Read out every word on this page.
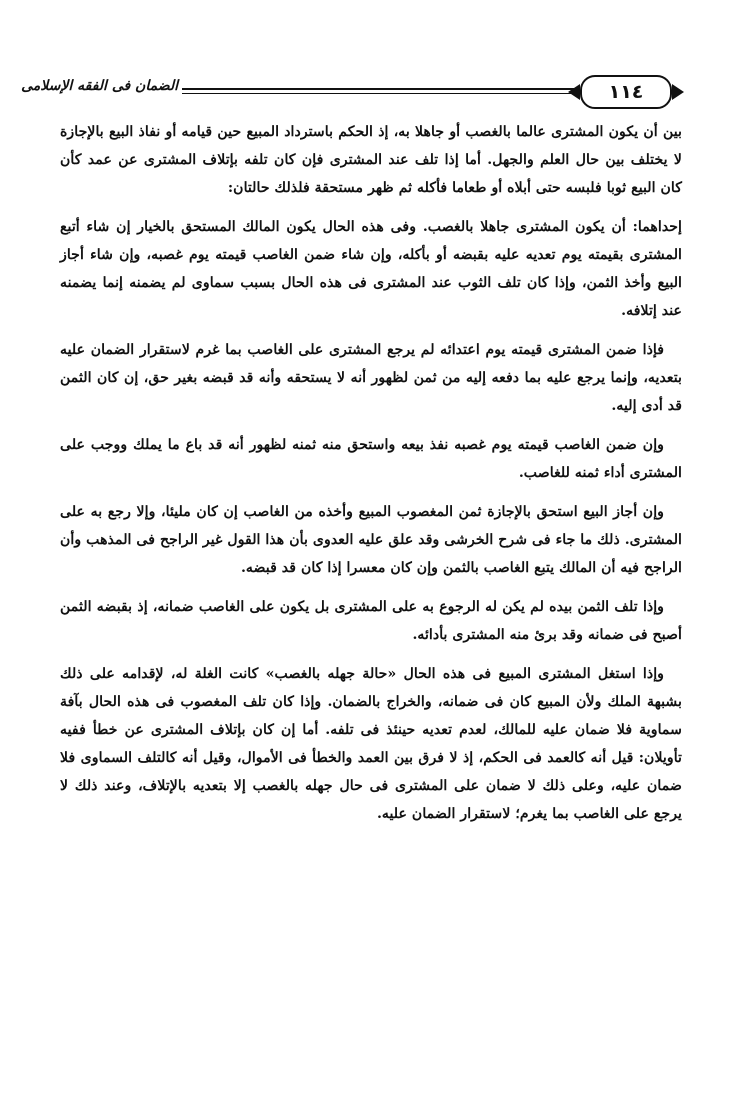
الضمان فى الفقه الإسلامى	١١٤

بين أن يكون المشترى عالما بالغصب أو جاهلا به، إذ الحكم باسترداد المبيع حين قيامه أو نفاذ البيع بالإجازة لا يختلف بين حال العلم والجهل. أما إذا تلف عند المشترى فإن كان تلفه بإتلاف المشترى عن عمد كأن كان البيع ثوبا فلبسه حتى أبلاه أو طعاما فأكله ثم ظهر مستحقة فلذلك حالتان:

إحداهما: أن يكون المشترى جاهلا بالغصب. وفى هذه الحال يكون المالك المستحق بالخيار إن شاء أتبع المشترى بقيمته يوم تعديه عليه بقبضه أو بأكله، وإن شاء ضمن الغاصب قيمته يوم غصبه، وإن شاء أجاز البيع وأخذ الثمن، وإذا كان تلف الثوب عند المشترى فى هذه الحال بسبب سماوى لم يضمنه إنما يضمنه عند إتلافه.

فإذا ضمن المشترى قيمته يوم اعتدائه لم يرجع المشترى على الغاصب بما غرم لاستقرار الضمان عليه بتعديه، وإنما يرجع عليه بما دفعه إليه من ثمن لظهور أنه لا يستحقه وأنه قد قبضه بغير حق، إن كان الثمن قد أدى إليه.

وإن ضمن الغاصب قيمته يوم غصبه نفذ بيعه واستحق منه ثمنه لظهور أنه قد باع ما يملك ووجب على المشترى أداء ثمنه للغاصب.

وإن أجاز البيع استحق بالإجازة ثمن المغصوب المبيع وأخذه من الغاصب إن كان مليئا، وإلا رجع به على المشترى. ذلك ما جاء فى شرح الخرشى وقد علق عليه العدوى بأن هذا القول غير الراجح فى المذهب وأن الراجح فيه أن المالك يتبع الغاصب بالثمن وإن كان معسرا إذا كان قد قبضه.

وإذا تلف الثمن بيده لم يكن له الرجوع به على المشترى بل يكون على الغاصب ضمانه، إذ بقبضه الثمن أصبح فى ضمانه وقد برئ منه المشترى بأدائه.

وإذا استغل المشترى المبيع فى هذه الحال «حالة جهله بالغصب» كانت الغلة له، لإقدامه على ذلك بشبهة الملك ولأن المبيع كان فى ضمانه، والخراج بالضمان. وإذا كان تلف المغصوب فى هذه الحال بآفة سماوية فلا ضمان عليه للمالك، لعدم تعديه حينئذ فى تلفه. أما إن كان بإتلاف المشترى عن خطأ ففيه تأويلان: قيل أنه كالعمد فى الحكم، إذ لا فرق بين العمد والخطأ فى الأموال، وقيل أنه كالتلف السماوى فلا ضمان عليه، وعلى ذلك لا ضمان على المشترى فى حال جهله بالغصب إلا بتعديه بالإتلاف، وعند ذلك لا يرجع على الغاصب بما يغرم؛ لاستقرار الضمان عليه.
